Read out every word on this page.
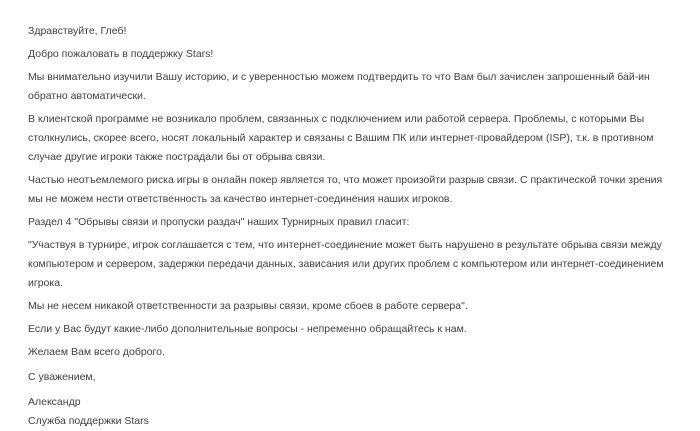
Здравствуйте, Глеб!

Добро пожаловать в поддержку Stars!

Мы внимательно изучили Вашу историю, и с уверенностью можем подтвердить то что Вам был зачислен запрошенный бай-ин обратно автоматически.

В клиентской программе не возникало проблем, связанных с подключением или работой сервера. Проблемы, с которыми Вы столкнулись, скорее всего, носят локальный характер и связаны с Вашим ПК или интернет-провайдером (ISP), т.к. в противном случае другие игроки также пострадали бы от обрыва связи.

Частью неотъемлемого риска игры в онлайн покер является то, что может произойти разрыв связи. С практической точки зрения мы не можем нести ответственность за качество интернет-соединения наших игроков.

Раздел 4 "Обрывы связи и пропуски раздач" наших Турнирных правил гласит:

"Участвуя в турнире, игрок соглашается с тем, что интернет-соединение может быть нарушено в результате обрыва связи между компьютером и сервером, задержки передачи данных, зависания или других проблем с компьютером или интернет-соединением игрока.

Мы не несем никакой ответственности за разрывы связи, кроме сбоев в работе сервера".

Если у Вас будут какие-либо дополнительные вопросы - непременно обращайтесь к нам.

Желаем Вам всего доброго.

С уважением,

Александр

Служба поддержки Stars
